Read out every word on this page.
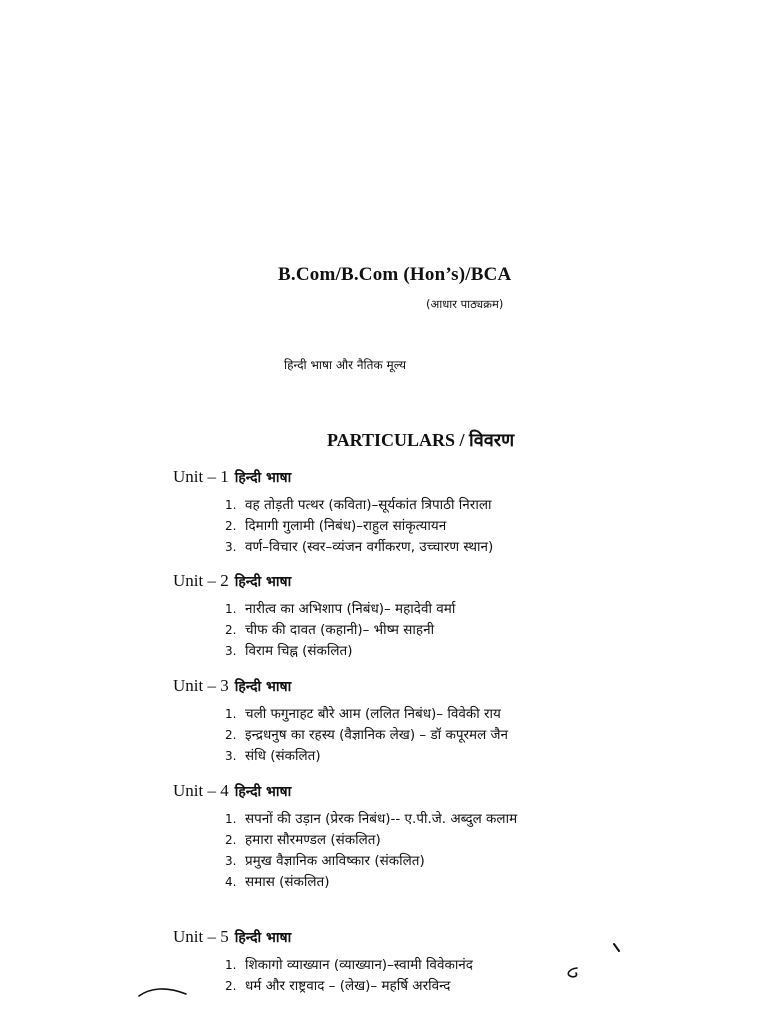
B.Com/B.Com (Hon’s)/BCA
(आधार पाठ्यक्रम)
हिन्दी भाषा और नैतिक मूल्य
PARTICULARS / विवरण
Unit – 1 हिन्दी भाषा
1. वह तोड़ती पत्थर (कविता)–सूर्यकांत त्रिपाठी निराला
2. दिमागी गुलामी (निबंध)–राहुल सांकृत्यायन
3. वर्ण–विचार (स्वर–व्यंजन वर्गीकरण, उच्चारण स्थान)
Unit – 2 हिन्दी भाषा
1. नारीत्व का अभिशाप (निबंध)– महादेवी वर्मा
2. चीफ की दावत (कहानी)– भीष्म साहनी
3. विराम चिह्न (संकलित)
Unit – 3 हिन्दी भाषा
1. चली फगुनाहट बौरे आम (ललित निबंध)– विवेकी राय
2. इन्द्रधनुष का रहस्य (वैज्ञानिक लेख) – डॉ कपूरमल जैन
3. संधि (संकलित)
Unit – 4 हिन्दी भाषा
1. सपनों की उड़ान (प्रेरक निबंध)-- ए.पी.जे. अब्दुल कलाम
2. हमारा सौरमण्डल (संकलित)
3. प्रमुख वैज्ञानिक आविष्कार (संकलित)
4. समास (संकलित)
Unit – 5 हिन्दी भाषा
1. शिकागो व्याख्यान (व्याख्यान)–स्वामी विवेकानंद
2. धर्म और राष्ट्रवाद – (लेख)– महर्षि अरविन्द
